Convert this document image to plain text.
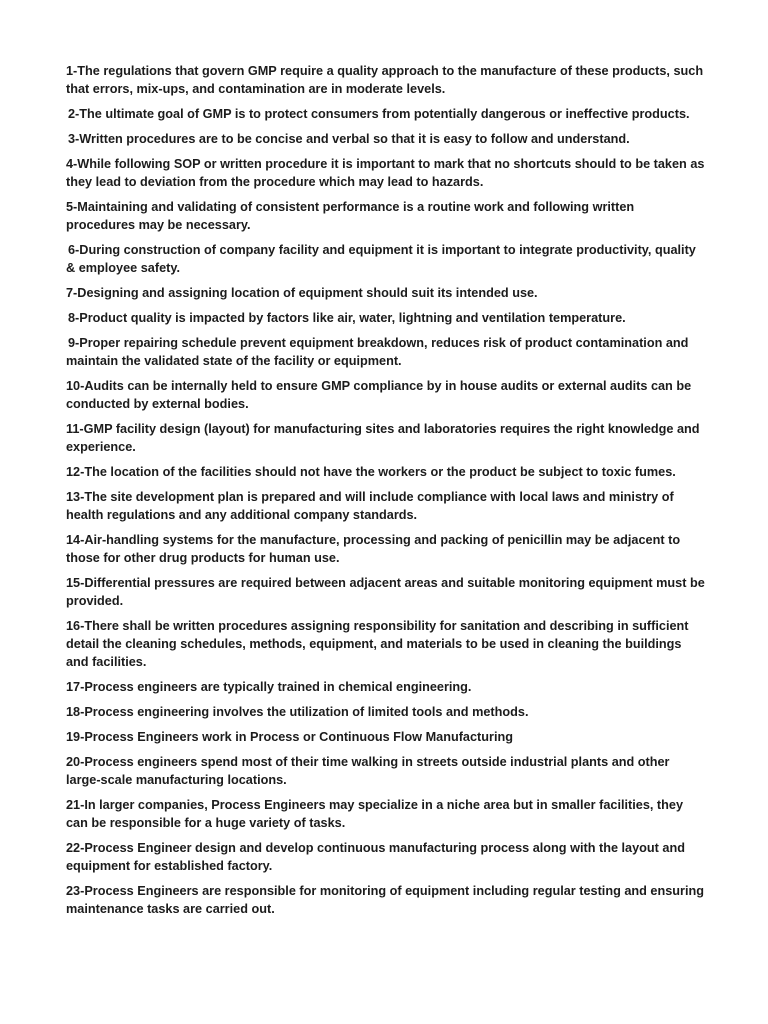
1-The regulations that govern GMP require a quality approach to the manufacture of these products, such that errors, mix-ups, and contamination are in moderate levels.
2-The ultimate goal of GMP is to protect consumers from potentially dangerous or ineffective products.
3-Written procedures are to be concise and verbal so that it is easy to follow and understand.
4-While following SOP or written procedure it is important to mark that no shortcuts should to be taken as they lead to deviation from the procedure which may lead to hazards.
5-Maintaining and validating of consistent performance is a routine work and following written procedures may be necessary.
6-During construction of company facility and equipment it is important to integrate productivity, quality & employee safety.
7-Designing and assigning location of equipment should suit its intended use.
8-Product quality is impacted by factors like air, water, lightning and ventilation temperature.
9-Proper repairing schedule prevent equipment breakdown, reduces risk of product contamination and maintain the validated state of the facility or equipment.
10-Audits can be internally held to ensure GMP compliance by in house audits or external audits can be conducted by external bodies.
11-GMP facility design (layout) for manufacturing sites and laboratories requires the right knowledge and experience.
12-The location of the facilities should not have the workers or the product be subject to toxic fumes.
13-The site development plan is prepared and will include compliance with local laws and ministry of health regulations and any additional company standards.
14-Air-handling systems for the manufacture, processing and packing of penicillin may be adjacent to those for other drug products for human use.
15-Differential pressures are required between adjacent areas and suitable monitoring equipment must be provided.
16-There shall be written procedures assigning responsibility for sanitation and describing in sufficient detail the cleaning schedules, methods, equipment, and materials to be used in cleaning the buildings and facilities.
17-Process engineers are typically trained in chemical engineering.
18-Process engineering involves the utilization of limited tools and methods.
19-Process Engineers work in Process or Continuous Flow Manufacturing
20-Process engineers spend most of their time walking in streets outside industrial plants and other large-scale manufacturing locations.
21-In larger companies, Process Engineers may specialize in a niche area but in smaller facilities, they can be responsible for a huge variety of tasks.
22-Process Engineer design and develop continuous manufacturing process along with the layout and equipment for established factory.
23-Process Engineers are responsible for monitoring of equipment including regular testing and ensuring maintenance tasks are carried out.
